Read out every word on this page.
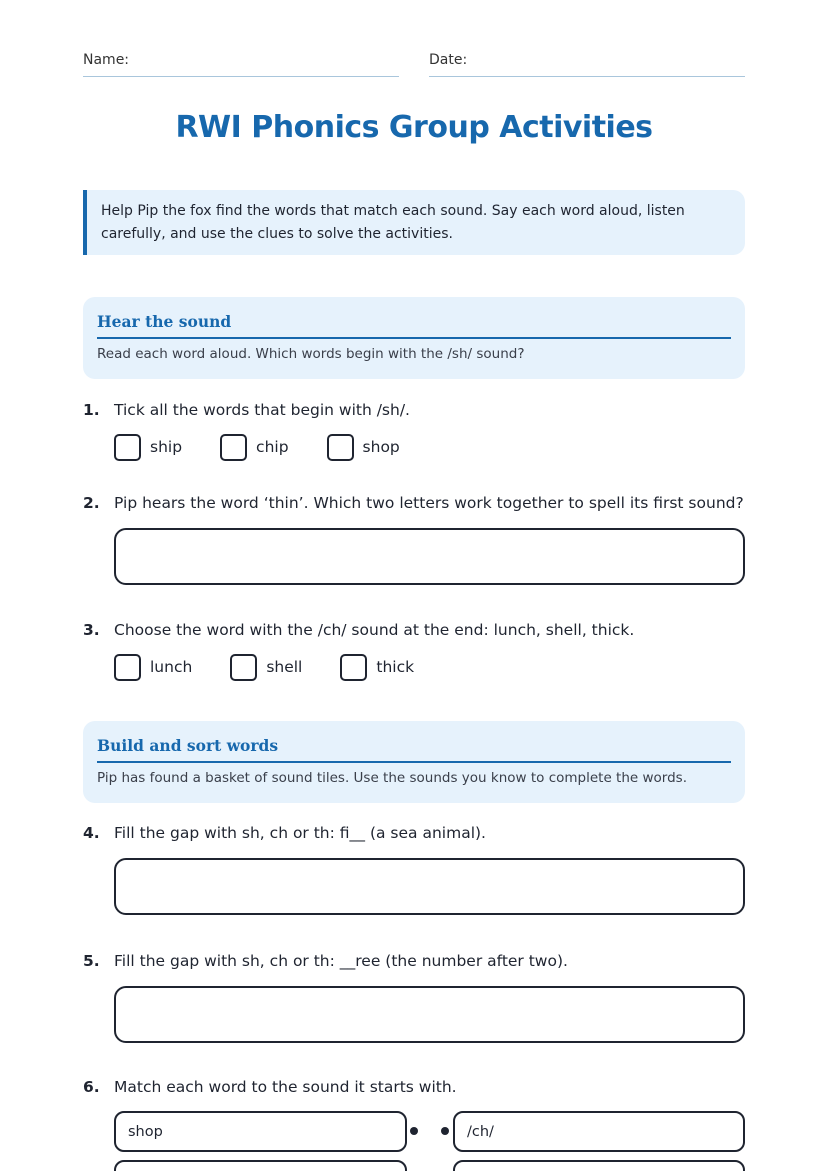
Name:	Date:
RWI Phonics Group Activities
Help Pip the fox find the words that match each sound. Say each word aloud, listen carefully, and use the clues to solve the activities.
Hear the sound
Read each word aloud. Which words begin with the /sh/ sound?
1. Tick all the words that begin with /sh/.
ship	chip	shop
2. Pip hears the word ‘thin’. Which two letters work together to spell its first sound?
3. Choose the word with the /ch/ sound at the end: lunch, shell, thick.
lunch	shell	thick
Build and sort words
Pip has found a basket of sound tiles. Use the sounds you know to complete the words.
4. Fill the gap with sh, ch or th: fi__ (a sea animal).
5. Fill the gap with sh, ch or th: __ree (the number after two).
6. Match each word to the sound it starts with.
shop	/ch/
